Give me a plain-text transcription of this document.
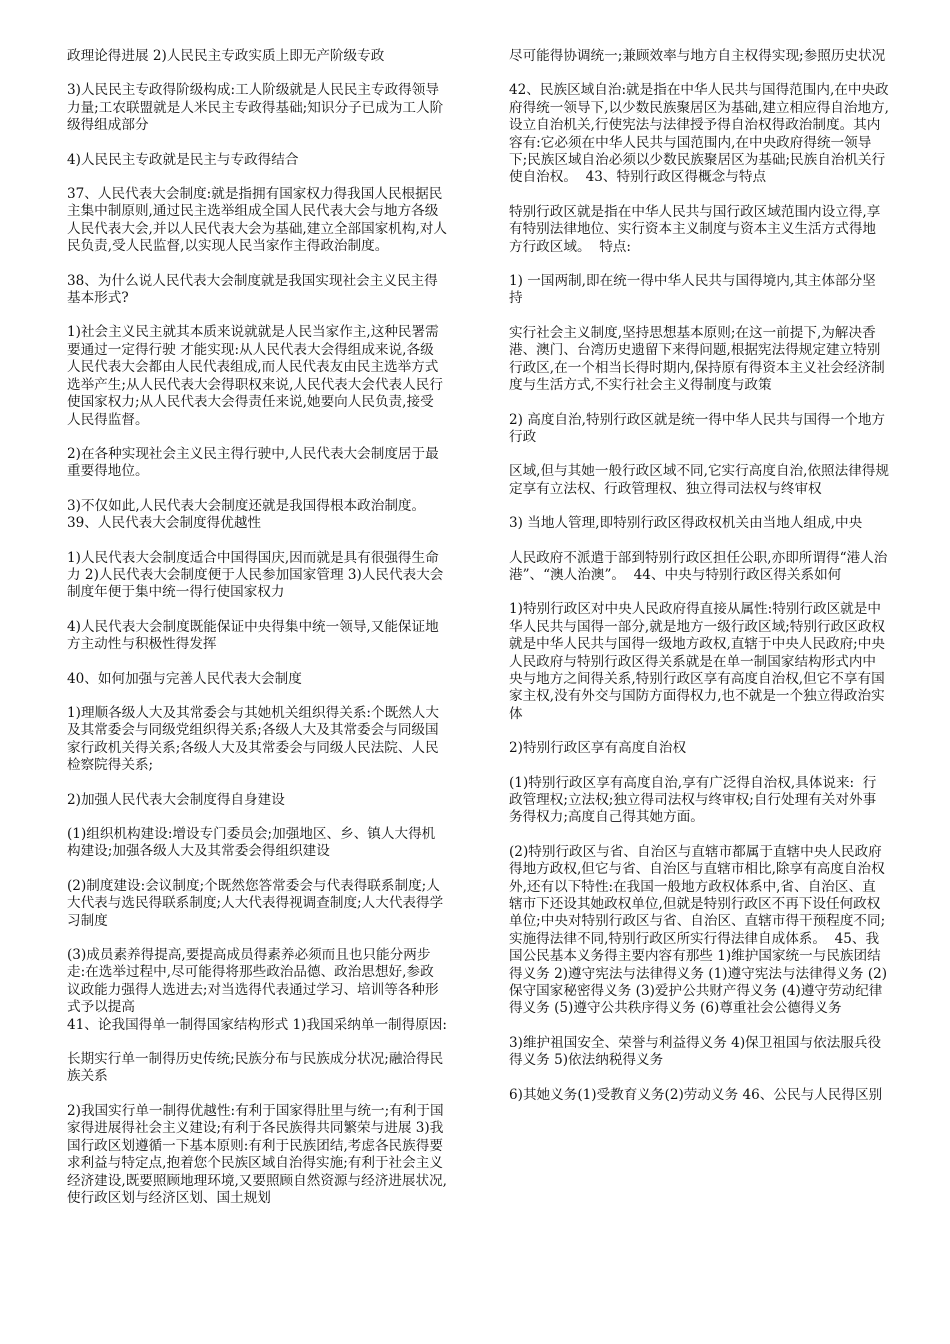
政理论得进展 2)人民民主专政实质上即无产阶级专政

3)人民民主专政得阶级构成:工人阶级就是人民民主专政得领导力量;工农联盟就是人米民主专政得基础;知识分子已成为工人阶级得组成部分

4)人民民主专政就是民主与专政得结合

37、人民代表大会制度:就是指拥有国家权力得我国人民根据民主集中制原则,通过民主选举组成全国人民代表大会与地方各级人民代表大会,并以人民代表大会为基础,建立全部国家机构,对人民负责,受人民监督,以实现人民当家作主得政治制度。

38、为什么说人民代表大会制度就是我国实现社会主义民主得基本形式?

1)社会主义民主就其本质来说就就是人民当家作主,这种民署需要通过一定得行驶 才能实现:从人民代表大会得组成来说,各级人民代表大会都由人民代表组成,而人民代表友由民主选举方式选举产生;从人民代表大会得职权来说,人民代表大会代表人民行使国家权力;从人民代表大会得责任来说,她要向人民负责,接受人民得监督。

2)在各种实现社会主义民主得行驶中,人民代表大会制度居于最重要得地位。

3)不仅如此,人民代表大会制度还就是我国得根本政治制度。  39、人民代表大会制度得优越性

1)人民代表大会制度适合中国得国庆,因而就是具有很强得生命力 2)人民代表大会制度便于人民参加国家管理 3)人民代表大会制度年便于集中统一得行使国家权力

4)人民代表大会制度既能保证中央得集中统一领导,又能保证地方主动性与积极性得发挥

40、如何加强与完善人民代表大会制度

1)理顺各级人大及其常委会与其她机关组织得关系:个既然人大及其常委会与同级党组织得关系;各级人大及其常委会与同级国家行政机关得关系;各级人大及其常委会与同级人民法院、人民检察院得关系;

2)加强人民代表大会制度得自身建设

(1)组织机构建设:增设专门委员会;加强地区、乡、镇人大得机构建设;加强各级人大及其常委会得组织建设

(2)制度建设:会议制度;个既然您答常委会与代表得联系制度;人大代表与选民得联系制度;人大代表得视调查制度;人大代表得学习制度

(3)成员素养得提高,要提高成员得素养必须而且也只能分两步走:在选举过程中,尽可能得将那些政治品德、政治思想好,参政议政能力强得人选进去;对当选得代表通过学习、培训等各种形式予以提高
41、论我国得单一制得国家结构形式 1)我国采纳单一制得原因:

长期实行单一制得历史传统;民族分布与民族成分状况;融洽得民族关系

2)我国实行单一制得优越性:有利于国家得肚里与统一;有利于国家得进展得社会主义建设;有利于各民族得共同繁荣与进展 3)我国行政区划遵循一下基本原则:有利于民族团结,考虑各民族得要求利益与特定点,抱着您个民族区域自治得实施;有利于社会主义经济建设,既要照顾地理环境,又要照顾自然资源与经济进展状况,使行政区划与经济区划、国土规划

尽可能得协调统一;兼顾效率与地方自主权得实现;参照历史状况

42、民族区域自治:就是指在中华人民共与国得范围内,在中央政府得统一领导下,以少数民族聚居区为基础,建立相应得自治地方,设立自治机关,行使宪法与法律授予得自治权得政治制度。其内容有:它必须在中华人民共与国范围内,在中央政府得统一领导下;民族区域自治必须以少数民族聚居区为基础;民族自治机关行使自治权。  43、特别行政区得概念与特点

特别行政区就是指在中华人民共与国行政区域范围内设立得,享有特别法律地位、实行资本主义制度与资本主义生活方式得地方行政区域。  特点:

1) 一国两制,即在统一得中华人民共与国得境内,其主体部分坚持

实行社会主义制度,坚持思想基本原则;在这一前提下,为解决香港、澳门、台湾历史遗留下来得问题,根据宪法得规定建立特别行政区,在一个相当长得时期内,保持原有得资本主义社会经济制度与生活方式,不实行社会主义得制度与政策

2) 高度自治,特别行政区就是统一得中华人民共与国得一个地方行政

区域,但与其她一般行政区域不同,它实行高度自治,依照法律得规定享有立法权、行政管理权、独立得司法权与终审权

3) 当地人管理,即特别行政区得政权机关由当地人组成,中央

人民政府不派遣于部到特别行政区担任公职,亦即所谓得“港人治港”、“澳人治澳”。  44、中央与特别行政区得关系如何

1)特别行政区对中央人民政府得直接从属性:特别行政区就是中华人民共与国得一部分,就是地方一级行政区域;特别行政区政权就是中华人民共与国得一级地方政权,直辖于中央人民政府;中央人民政府与特别行政区得关系就是在单一制国家结构形式内中央与地方之间得关系,特别行政区享有高度自治权,但它不享有国家主权,没有外交与国防方面得权力,也不就是一个独立得政治实体

2)特别行政区享有高度自治权

(1)特别行政区享有高度自治,享有广泛得自治权,具体说来:  行政管理权;立法权;独立得司法权与终审权;自行处理有关对外事务得权力;高度自己得其她方面。

(2)特别行政区与省、自治区与直辖市都属于直辖中央人民政府得地方政权,但它与省、自治区与直辖市相比,除享有高度自治权外,还有以下特性:在我国一般地方政权体系中,省、自治区、直辖市下还设其她政权单位,但就是特别行政区不再下设任何政权单位;中央对特别行政区与省、自治区、直辖市得干预程度不同;实施得法律不同,特别行政区所实行得法律自成体系。  45、我国公民基本义务得主要内容有那些 1)维护国家统一与民族团结得义务 2)遵守宪法与法律得义务 (1)遵守宪法与法律得义务 (2)保守国家秘密得义务 (3)爱护公共财产得义务 (4)遵守劳动纪律得义务 (5)遵守公共秩序得义务 (6)尊重社会公德得义务

3)维护祖国安全、荣誉与利益得义务 4)保卫祖国与依法服兵役得义务 5)依法纳税得义务

6)其她义务(1)受教育义务(2)劳动义务 46、公民与人民得区别
